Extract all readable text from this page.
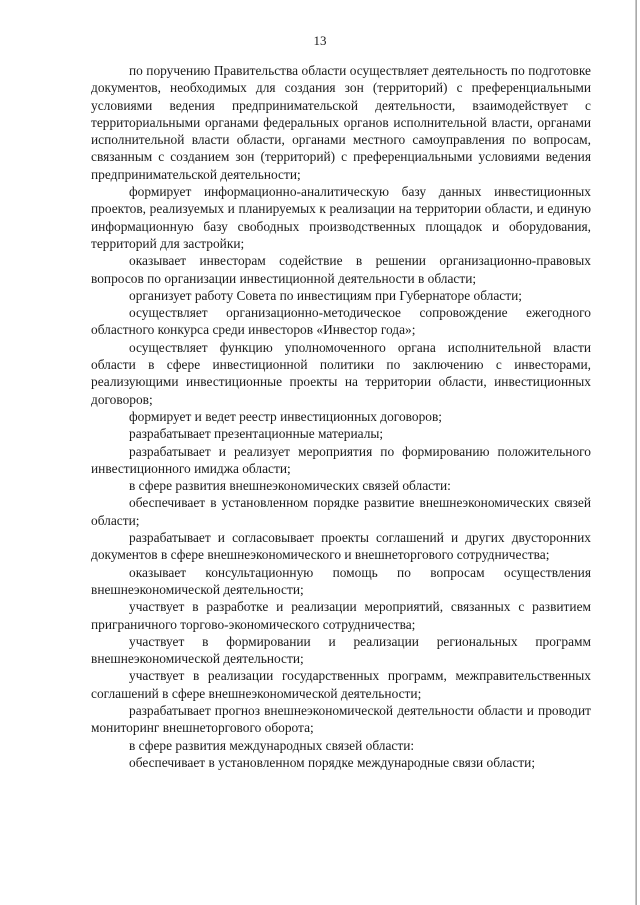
13

по поручению Правительства области осуществляет деятельность по подготовке документов, необходимых для создания зон (территорий) с преференциальными условиями ведения предпринимательской деятельности, взаимодействует с территориальными органами федеральных органов исполнительной власти, органами исполнительной власти области, органами местного самоуправления по вопросам, связанным с созданием зон (территорий) с преференциальными условиями ведения предпринимательской деятельности;

формирует информационно-аналитическую базу данных инвестиционных проектов, реализуемых и планируемых к реализации на территории области, и единую информационную базу свободных производственных площадок и оборудования, территорий для застройки;

оказывает инвесторам содействие в решении организационно-правовых вопросов по организации инвестиционной деятельности в области;

организует работу Совета по инвестициям при Губернаторе области;

осуществляет организационно-методическое сопровождение ежегодного областного конкурса среди инвесторов «Инвестор года»;

осуществляет функцию уполномоченного органа исполнительной власти области в сфере инвестиционной политики по заключению с инвесторами, реализующими инвестиционные проекты на территории области, инвестиционных договоров;

формирует и ведет реестр инвестиционных договоров;

разрабатывает презентационные материалы;

разрабатывает и реализует мероприятия по формированию положительного инвестиционного имиджа области;

в сфере развития внешнеэкономических связей области:

обеспечивает в установленном порядке развитие внешнеэкономических связей области;

разрабатывает и согласовывает проекты соглашений и других двусторонних документов в сфере внешнеэкономического и внешнеторгового сотрудничества;

оказывает консультационную помощь по вопросам осуществления внешнеэкономической деятельности;

участвует в разработке и реализации мероприятий, связанных с развитием приграничного торгово-экономического сотрудничества;

участвует в формировании и реализации региональных программ внешнеэкономической деятельности;

участвует в реализации государственных программ, межправительственных соглашений в сфере внешнеэкономической деятельности;

разрабатывает прогноз внешнеэкономической деятельности области и проводит мониторинг внешнеторгового оборота;

в сфере развития международных связей области:

обеспечивает в установленном порядке международные связи области;
